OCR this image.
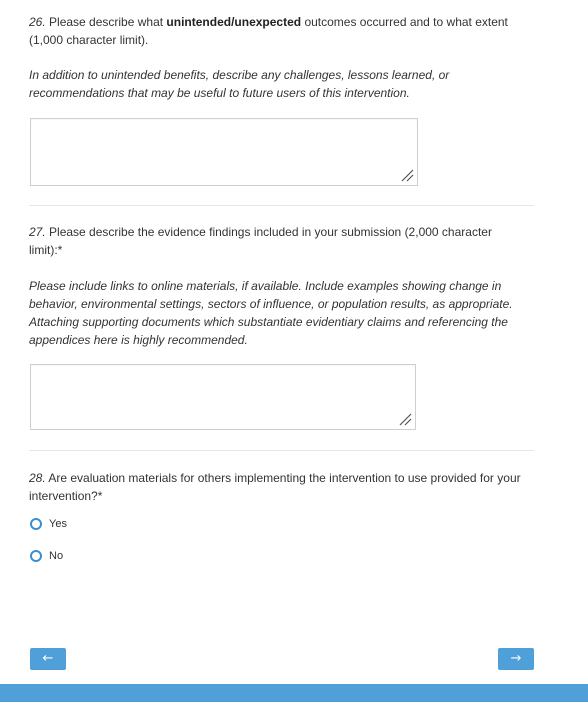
26. Please describe what unintended/unexpected outcomes occurred and to what extent (1,000 character limit).

In addition to unintended benefits, describe any challenges, lessons learned, or recommendations that may be useful to future users of this intervention.

27. Please describe the evidence findings included in your submission (2,000 character limit):*

Please include links to online materials, if available. Include examples showing change in behavior, environmental settings, sectors of influence, or population results, as appropriate. Attaching supporting documents which substantiate evidentiary claims and referencing the appendices here is highly recommended.

28. Are evaluation materials for others implementing the intervention to use provided for your intervention?*

Yes
No
←	→
